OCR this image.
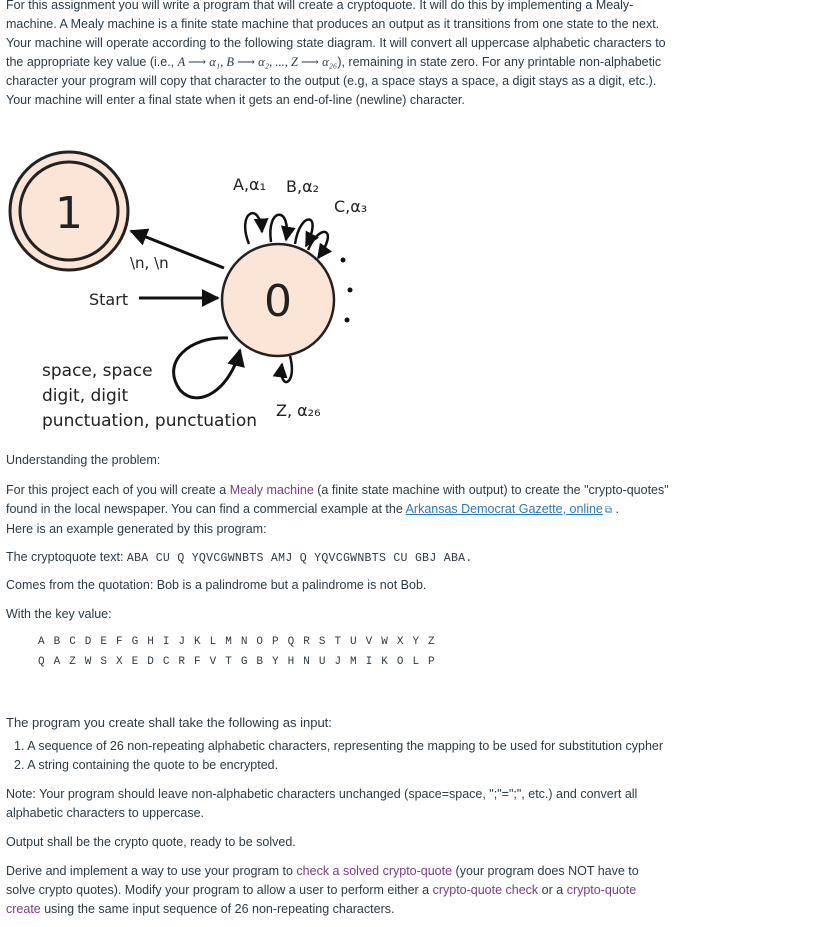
For this assignment you will write a program that will create a cryptoquote. It will do this by implementing a Mealy-machine. A Mealy machine is a finite state machine that produces an output as it transitions from one state to the next. Your machine will operate according to the following state diagram. It will convert all uppercase alphabetic characters to the appropriate key value (i.e., A ⟶ α₁, B ⟶ α₂, ..., Z ⟶ α₂₆), remaining in state zero. For any printable non-alphabetic character your program will copy that character to the output (e.g, a space stays a space, a digit stays as a digit, etc.). Your machine will enter a final state when it gets an end-of-line (newline) character.

1
0
\n, \n
Start
A,α₁ B,α₂
C,α₃
Z, α₂₆
space, space
digit, digit
punctuation, punctuation

Understanding the problem:

For this project each of you will create a Mealy machine (a finite state machine with output) to create the "crypto-quotes" found in the local newspaper. You can find a commercial example at the Arkansas Democrat Gazette, online ⧉ .
Here is an example generated by this program:

The cryptoquote text: ABA CU Q YQVCGWNBTS AMJ Q YQVCGWNBTS CU GBJ ABA.

Comes from the quotation: Bob is a palindrome but a palindrome is not Bob.

With the key value:

A B C D E F G H I J K L M N O P Q R S T U V W X Y Z
Q A Z W S X E D C R F V T G B Y H N U J M I K O L P

The program you create shall take the following as input:

1. A sequence of 26 non-repeating alphabetic characters, representing the mapping to be used for substitution cypher
2. A string containing the quote to be encrypted.

Note: Your program should leave non-alphabetic characters unchanged (space=space, ";"=";", etc.) and convert all alphabetic characters to uppercase.

Output shall be the crypto quote, ready to be solved.

Derive and implement a way to use your program to check a solved crypto-quote (your program does NOT have to solve crypto quotes). Modify your program to allow a user to perform either a crypto-quote check or a crypto-quote create using the same input sequence of 26 non-repeating characters.
